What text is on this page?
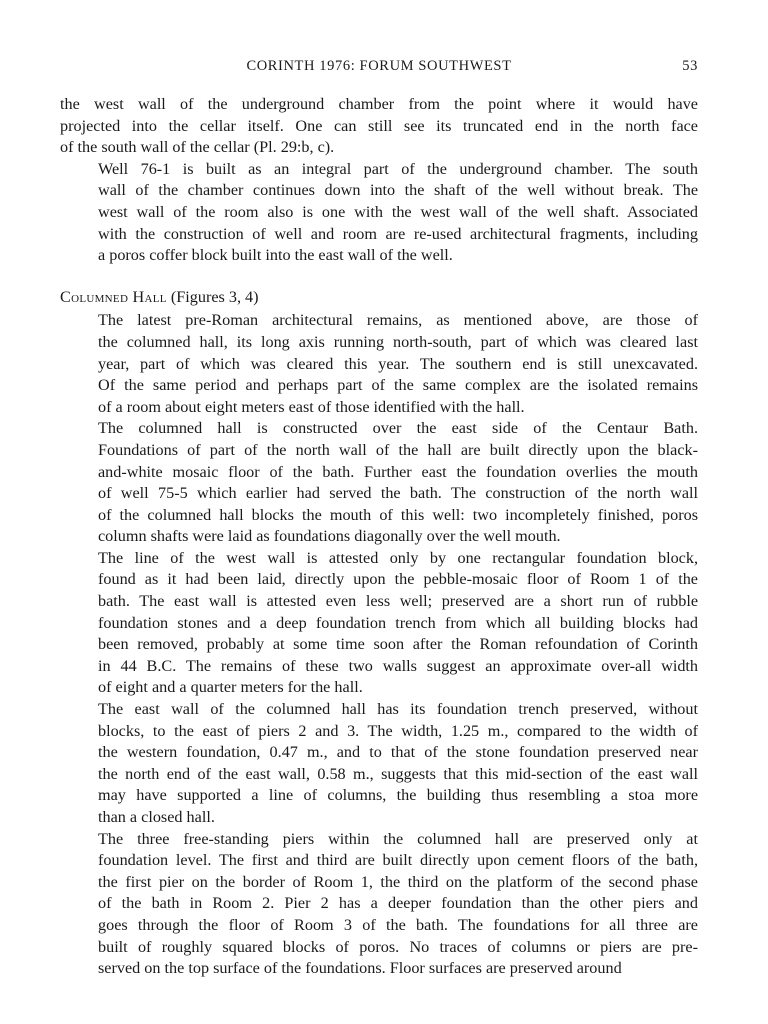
CORINTH 1976: FORUM SOUTHWEST	53

the west wall of the underground chamber from the point where it would have
projected into the cellar itself. One can still see its truncated end in the north face
of the south wall of the cellar (Pl. 29:b, c).

Well 76-1 is built as an integral part of the underground chamber. The south
wall of the chamber continues down into the shaft of the well without break. The
west wall of the room also is one with the west wall of the well shaft. Associated
with the construction of well and room are re-used architectural fragments, including
a poros coffer block built into the east wall of the well.

Columned Hall (Figures 3, 4)

The latest pre-Roman architectural remains, as mentioned above, are those of
the columned hall, its long axis running north-south, part of which was cleared last
year, part of which was cleared this year. The southern end is still unexcavated.
Of the same period and perhaps part of the same complex are the isolated remains
of a room about eight meters east of those identified with the hall.

The columned hall is constructed over the east side of the Centaur Bath.
Foundations of part of the north wall of the hall are built directly upon the black-
and-white mosaic floor of the bath. Further east the foundation overlies the mouth
of well 75-5 which earlier had served the bath. The construction of the north wall
of the columned hall blocks the mouth of this well: two incompletely finished, poros
column shafts were laid as foundations diagonally over the well mouth.

The line of the west wall is attested only by one rectangular foundation block,
found as it had been laid, directly upon the pebble-mosaic floor of Room 1 of the
bath. The east wall is attested even less well; preserved are a short run of rubble
foundation stones and a deep foundation trench from which all building blocks had
been removed, probably at some time soon after the Roman refoundation of Corinth
in 44 B.C. The remains of these two walls suggest an approximate over-all width
of eight and a quarter meters for the hall.

The east wall of the columned hall has its foundation trench preserved, without
blocks, to the east of piers 2 and 3. The width, 1.25 m., compared to the width of
the western foundation, 0.47 m., and to that of the stone foundation preserved near
the north end of the east wall, 0.58 m., suggests that this mid-section of the east wall
may have supported a line of columns, the building thus resembling a stoa more
than a closed hall.

The three free-standing piers within the columned hall are preserved only at
foundation level. The first and third are built directly upon cement floors of the bath,
the first pier on the border of Room 1, the third on the platform of the second phase
of the bath in Room 2. Pier 2 has a deeper foundation than the other piers and
goes through the floor of Room 3 of the bath. The foundations for all three are
built of roughly squared blocks of poros. No traces of columns or piers are pre-
served on the top surface of the foundations. Floor surfaces are preserved around
